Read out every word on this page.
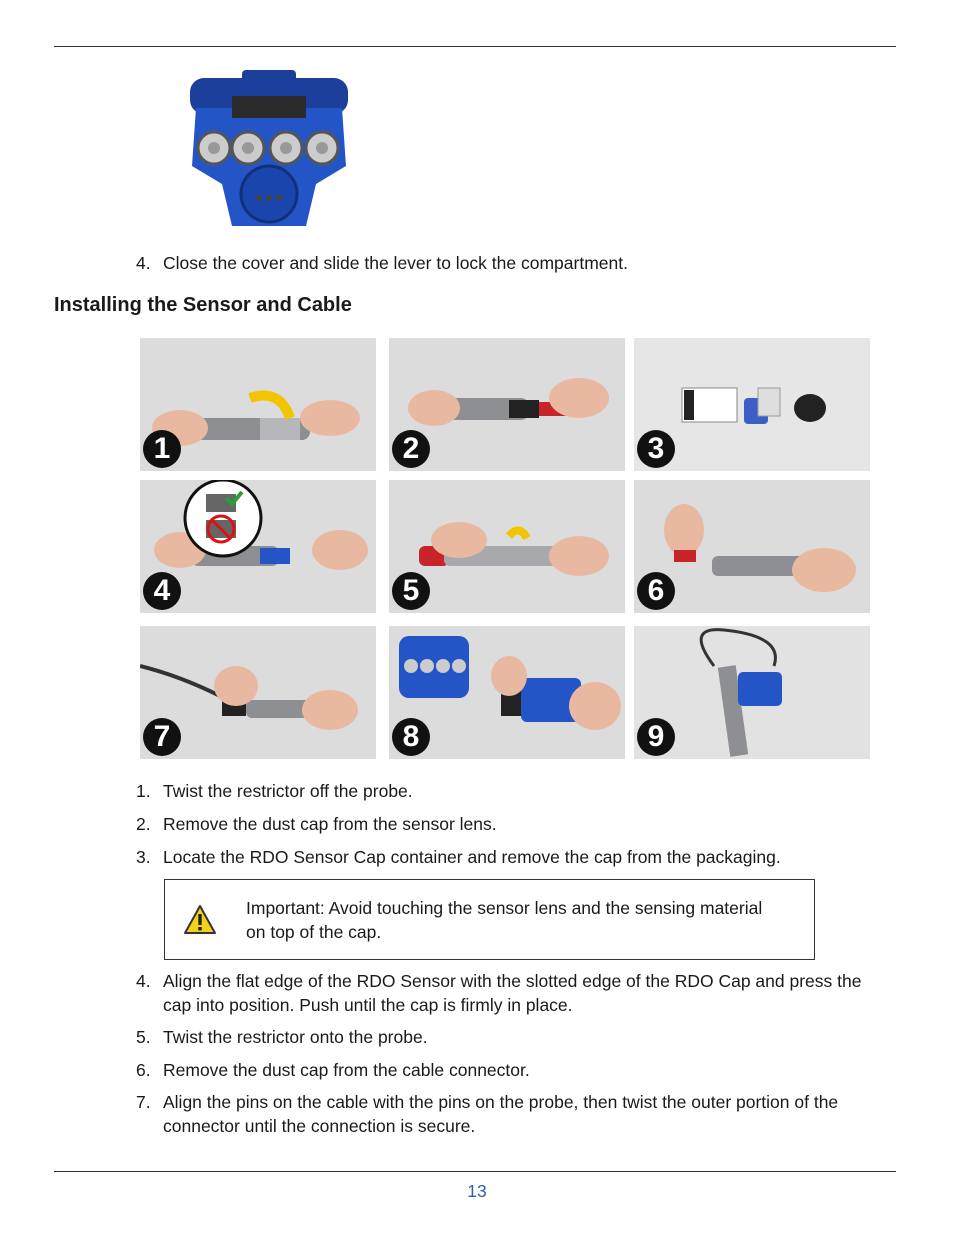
4. Close the cover and slide the lever to lock the compartment.
Installing the Sensor and Cable
1	2	3
4	5	6
7	8	9
1. Twist the restrictor off the probe.
2. Remove the dust cap from the sensor lens.
3. Locate the RDO Sensor Cap container and remove the cap from the packaging.
Important: Avoid touching the sensor lens and the sensing material on top of the cap.
4. Align the flat edge of the RDO Sensor with the slotted edge of the RDO Cap and press the cap into position. Push until the cap is firmly in place.
5. Twist the restrictor onto the probe.
6. Remove the dust cap from the cable connector.
7. Align the pins on the cable with the pins on the probe, then twist the outer portion of the connector until the connection is secure.
13
